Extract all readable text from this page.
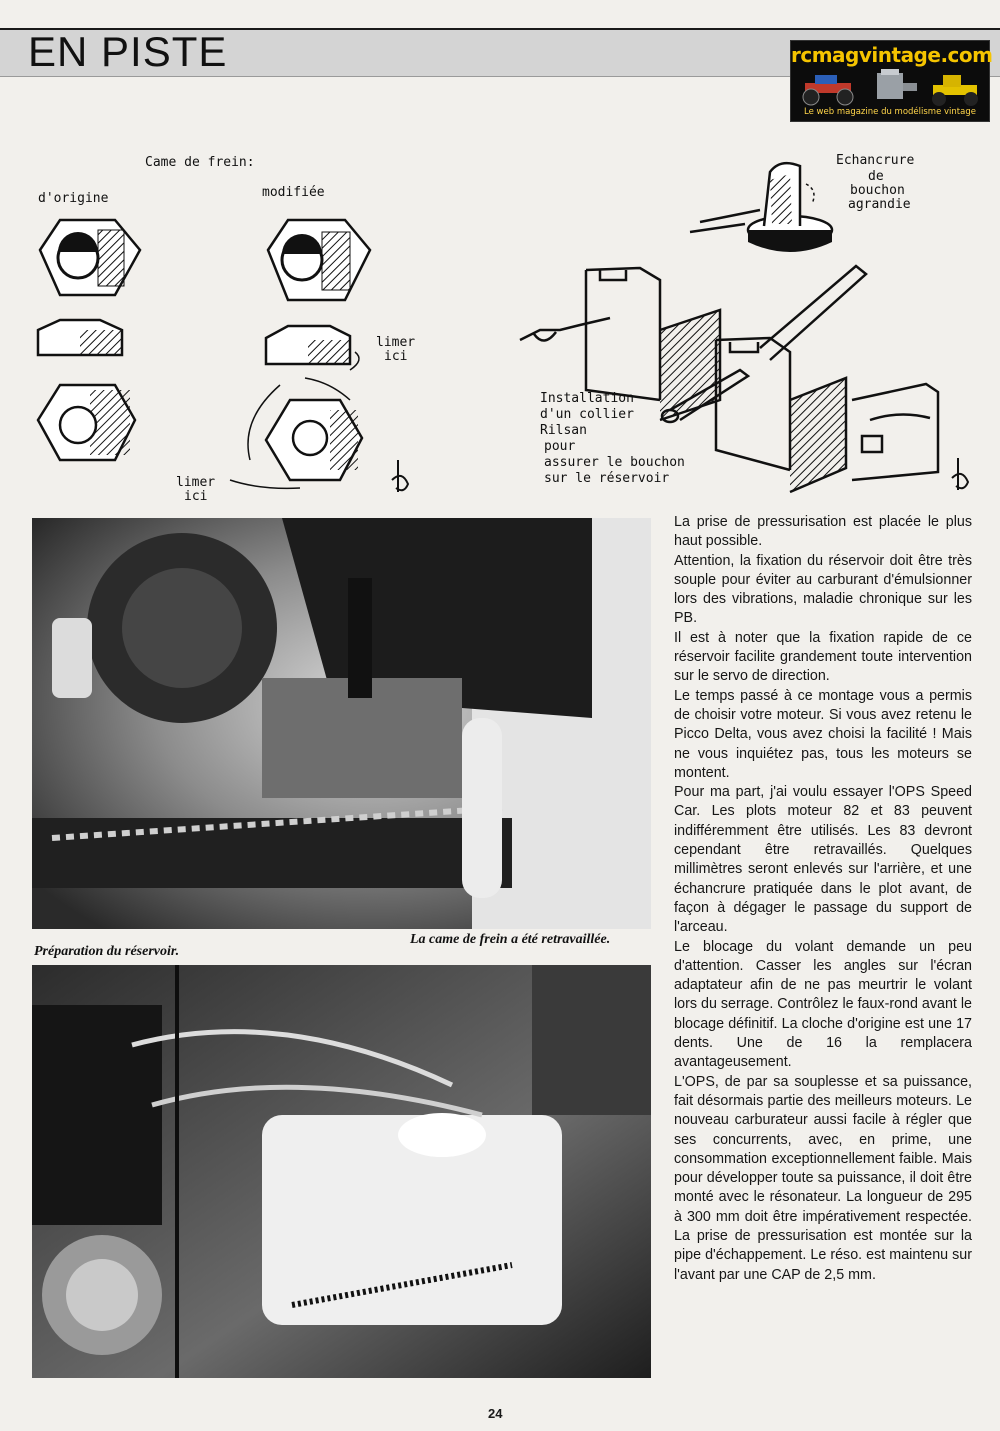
EN PISTE	rcmagvintage.com
Le web magazine du modélisme vintage
Came de frein:
d'origine	modifiée
limer
ici
limer
ici
Echancrure
de
bouchon
agrandie
Installation
d'un collier
Rilsan
pour
assurer le bouchon
sur le réservoir
Préparation du réservoir.
La came de frein a été retravaillée.

La prise de pressurisation est placée le plus haut possible.

Attention, la fixation du réservoir doit être très souple pour éviter au carburant d'émulsionner lors des vibrations, maladie chronique sur les PB.

Il est à noter que la fixation rapide de ce réservoir facilite grandement toute intervention sur le servo de direction.

Le temps passé à ce montage vous a permis de choisir votre moteur. Si vous avez retenu le Picco Delta, vous avez choisi la facilité ! Mais ne vous inquiétez pas, tous les moteurs se montent.

Pour ma part, j'ai voulu essayer l'OPS Speed Car. Les plots moteur 82 et 83 peuvent indifféremment être utilisés. Les 83 devront cependant être retravaillés. Quelques millimètres seront enlevés sur l'arrière, et une échancrure pratiquée dans le plot avant, de façon à dégager le passage du support de l'arceau.

Le blocage du volant demande un peu d'attention. Casser les angles sur l'écran adaptateur afin de ne pas meurtrir le volant lors du serrage. Contrôlez le faux-rond avant le blocage définitif. La cloche d'origine est une 17 dents. Une de 16 la remplacera avantageusement.

L'OPS, de par sa souplesse et sa puissance, fait désormais partie des meilleurs moteurs. Le nouveau carburateur aussi facile à régler que ses concurrents, avec, en prime, une consommation exceptionnellement faible. Mais pour développer toute sa puissance, il doit être monté avec le résonateur. La longueur de 295 à 300 mm doit être impérativement respectée. La prise de pressurisation est montée sur la pipe d'échappement. Le réso. est maintenu sur l'avant par une CAP de 2,5 mm.

24
